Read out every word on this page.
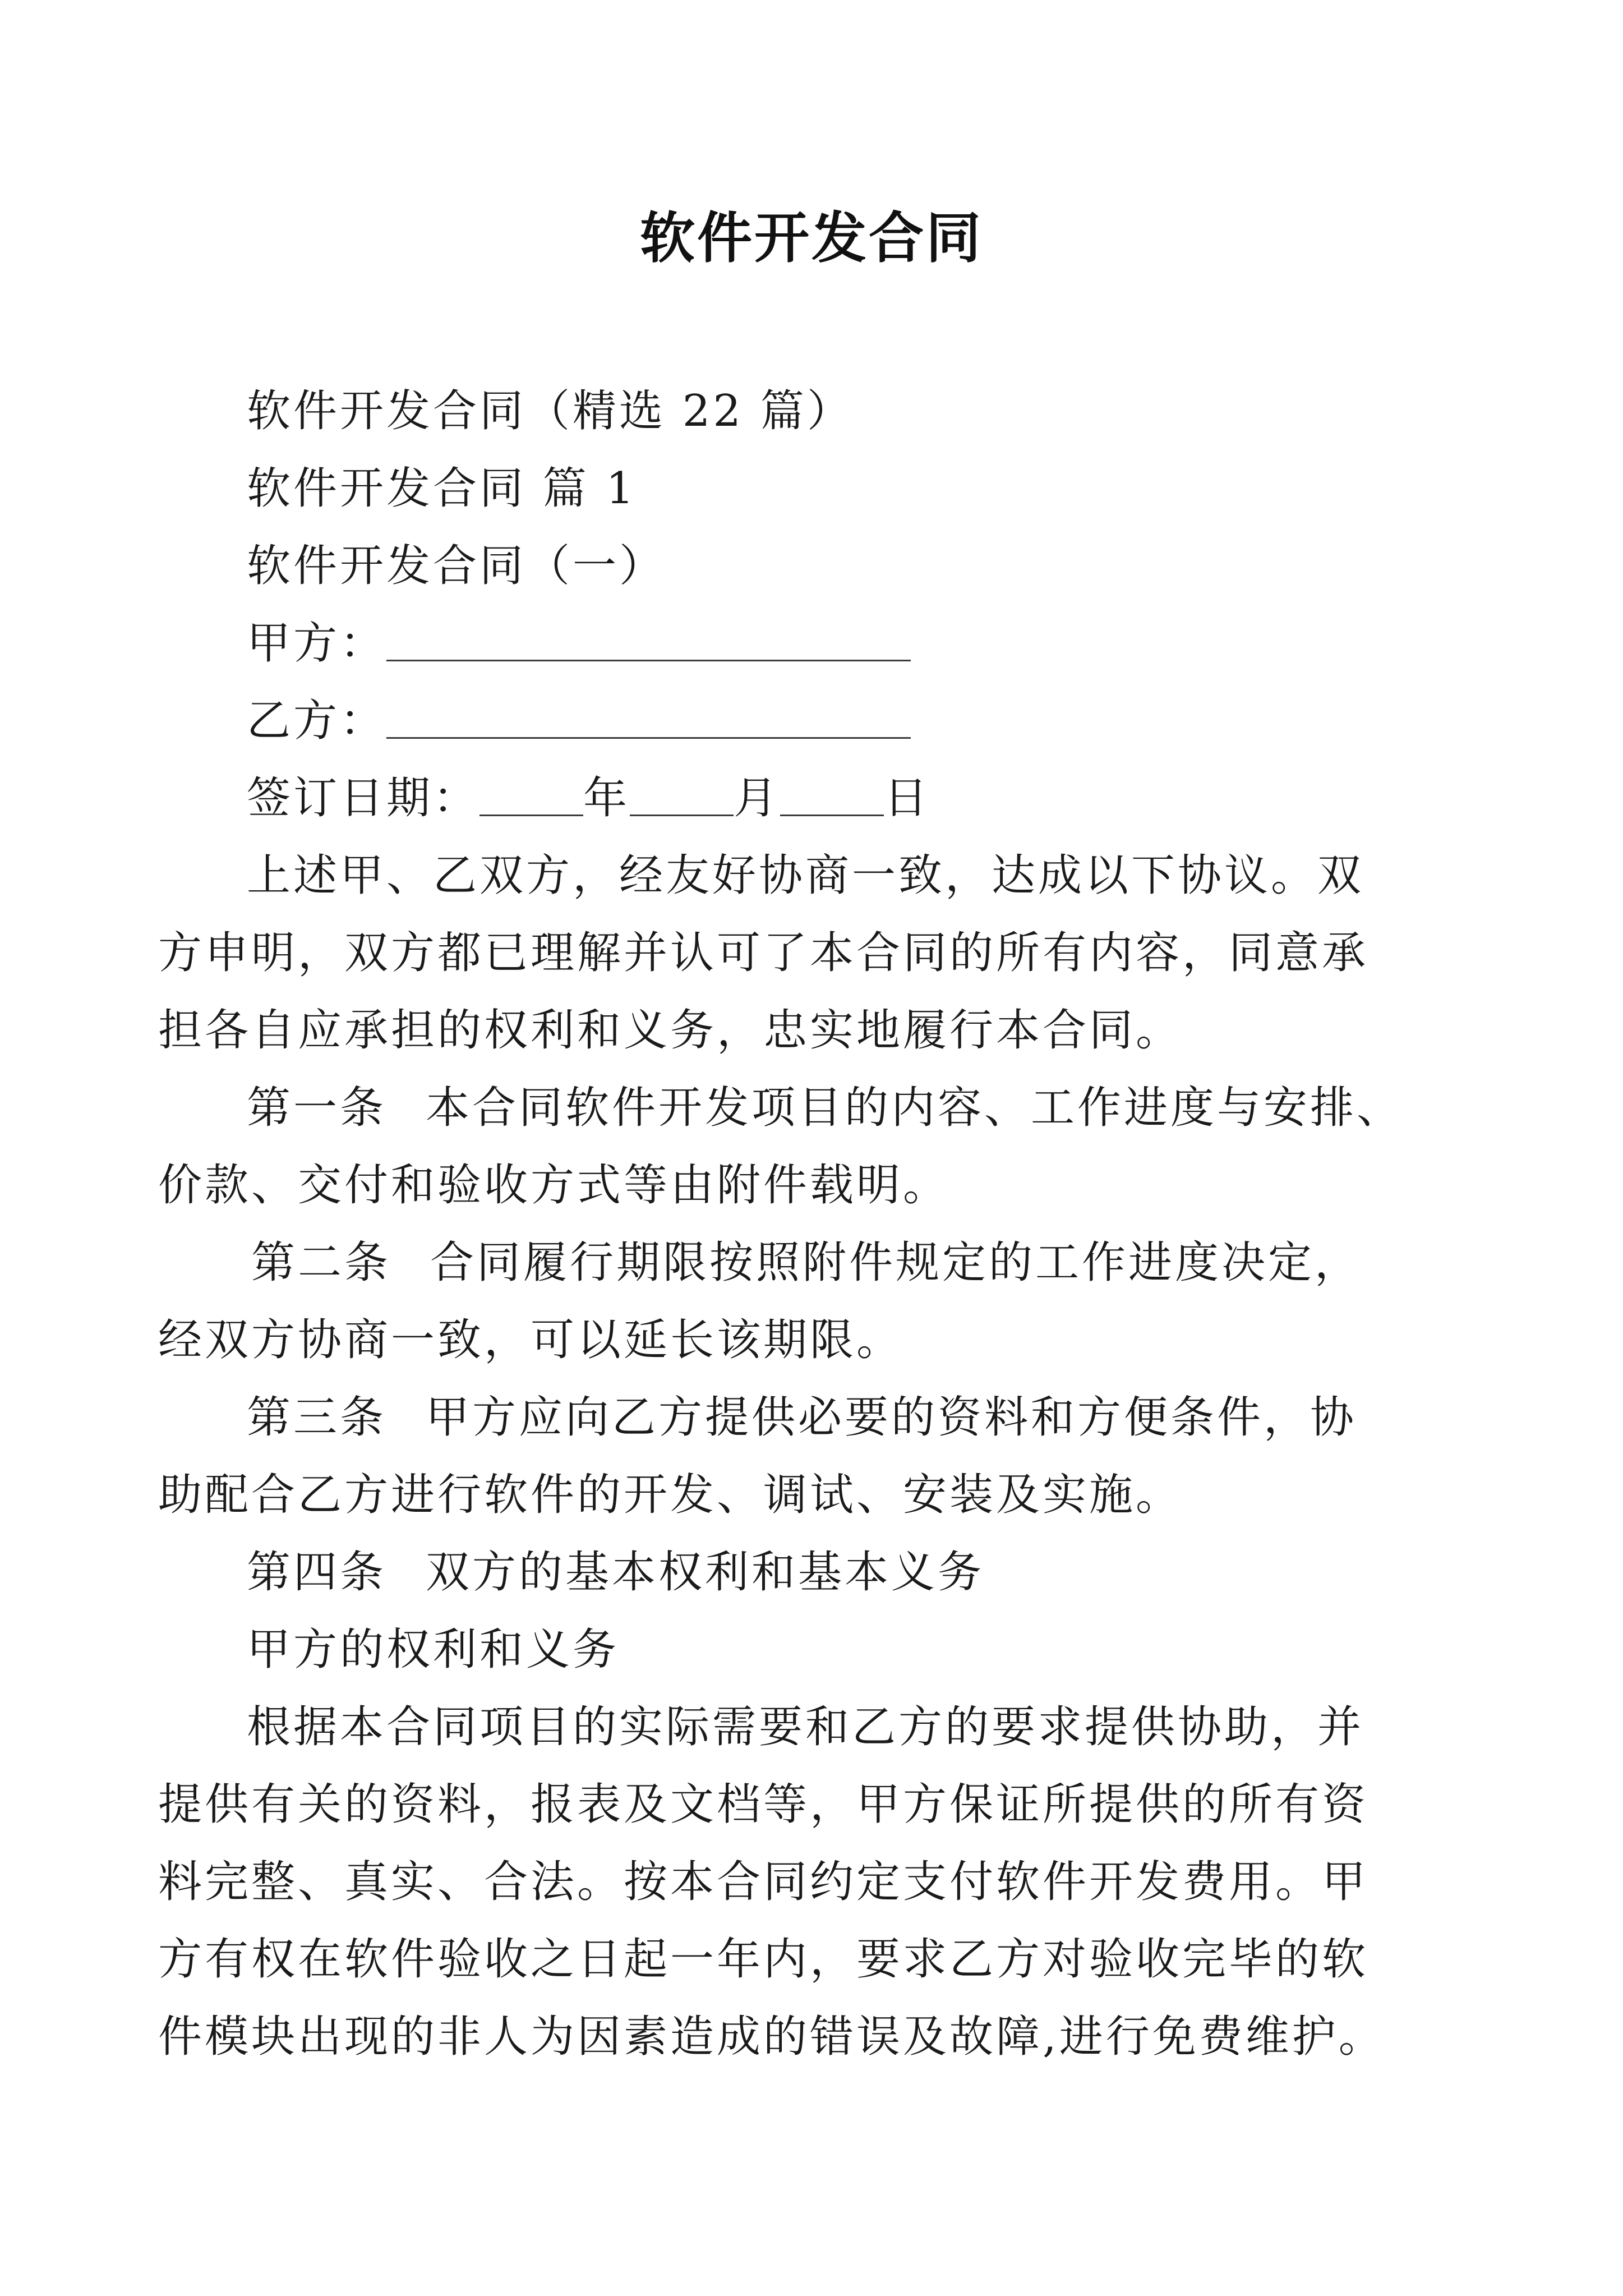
软件开发合同

软件开发合同（精选 22 篇）

软件开发合同 篇 1

软件开发合同（一）

甲方：

乙方：

签订日期： 年 月 日

上述甲、乙双方，经友好协商一致，达成以下协议。双

方申明，双方都已理解并认可了本合同的所有内容，同意承

担各自应承担的权利和义务，忠实地履行本合同。

第一条 本合同软件开发项目的内容、工作进度与安排、

价款、交付和验收方式等由附件载明。

第二条 合同履行期限按照附件规定的工作进度决定，

经双方协商一致，可以延长该期限。

第三条 甲方应向乙方提供必要的资料和方便条件，协

助配合乙方进行软件的开发、调试、安装及实施。

第四条 双方的基本权利和基本义务

甲方的权利和义务

根据本合同项目的实际需要和乙方的要求提供协助，并

提供有关的资料，报表及文档等，甲方保证所提供的所有资

料完整、真实、合法。按本合同约定支付软件开发费用。甲

方有权在软件验收之日起一年内，要求乙方对验收完毕的软

件模块出现的非人为因素造成的错误及故障,进行免费维护。
